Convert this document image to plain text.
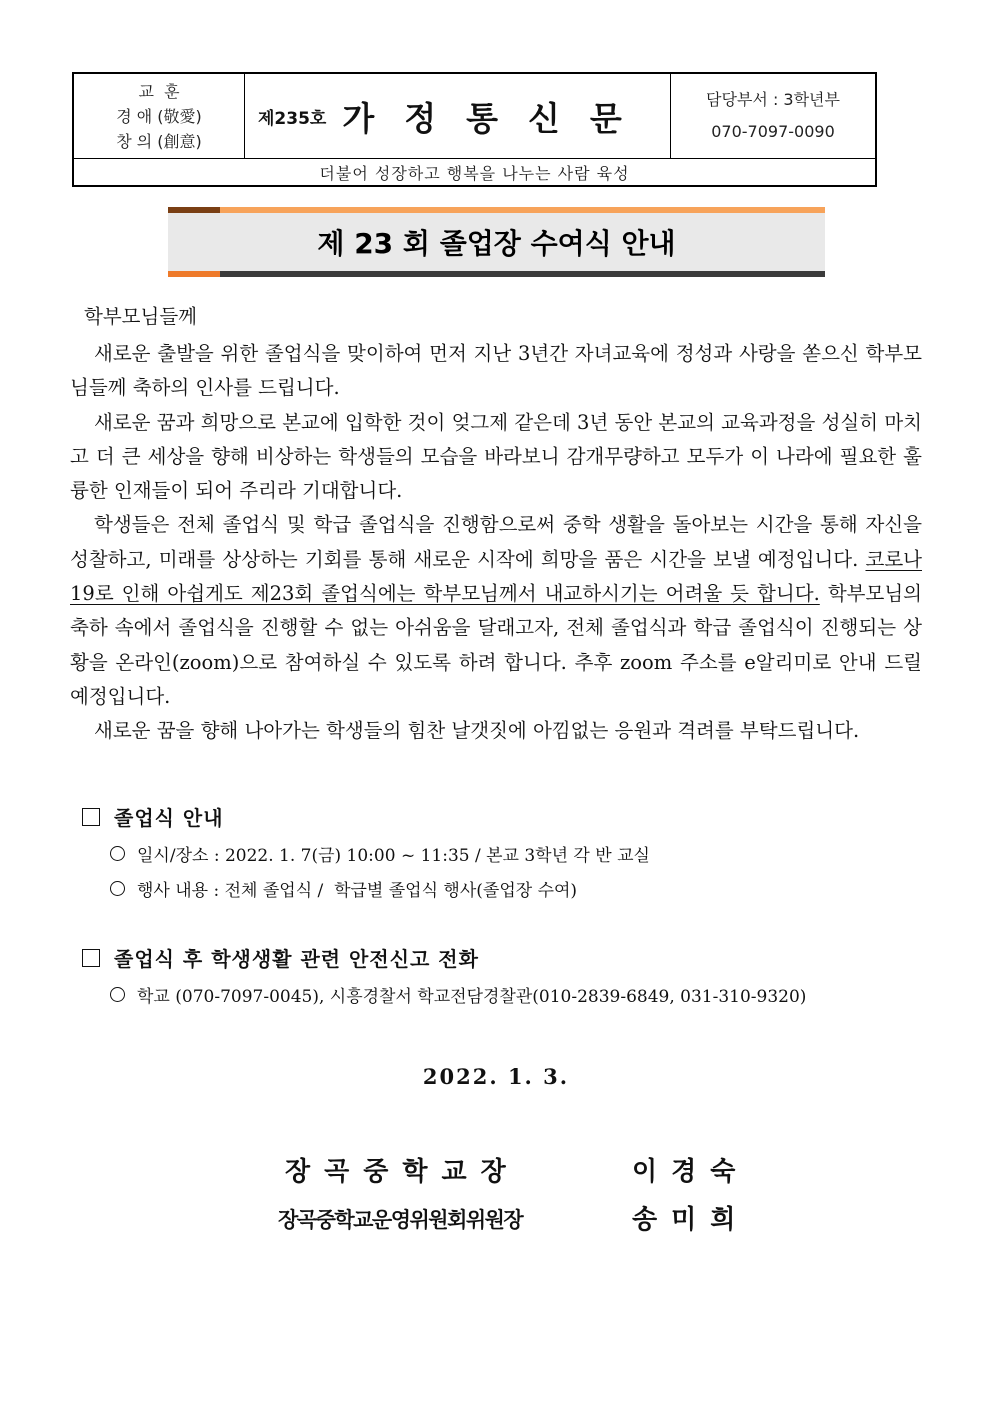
교  훈
경 애 (敬愛)
창 의 (創意)
제235호 가정통신문	담당부서 : 3학년부
070-7097-0090
더불어 성장하고 행복을 나누는 사람 육성
제 23 회 졸업장 수여식 안내
학부모님들께

새로운 출발을 위한 졸업식을 맞이하여 먼저 지난 3년간 자녀교육에 정성과 사랑을 쏟으신 학부모님들께 축하의 인사를 드립니다.

새로운 꿈과 희망으로 본교에 입학한 것이 엊그제 같은데 3년 동안 본교의 교육과정을 성실히 마치고 더 큰 세상을 향해 비상하는 학생들의 모습을 바라보니 감개무량하고 모두가 이 나라에 필요한 훌륭한 인재들이 되어 주리라 기대합니다.

학생들은 전체 졸업식 및 학급 졸업식을 진행함으로써 중학 생활을 돌아보는 시간을 통해 자신을 성찰하고, 미래를 상상하는 기회를 통해 새로운 시작에 희망을 품은 시간을 보낼 예정입니다. 코로나 19로 인해 아쉽게도 제23회 졸업식에는 학부모님께서 내교하시기는 어려울 듯 합니다. 학부모님의 축하 속에서 졸업식을 진행할 수 없는 아쉬움을 달래고자, 전체 졸업식과 학급 졸업식이 진행되는 상황을 온라인(zoom)으로 참여하실 수 있도록 하려 합니다. 추후 zoom 주소를 e알리미로 안내 드릴 예정입니다.

새로운 꿈을 향해 나아가는 학생들의 힘찬 날갯짓에 아낌없는 응원과 격려를 부탁드립니다.

졸업식 안내
일시/장소 : 2022. 1. 7(금) 10:00 ~ 11:35 / 본교 3학년 각 반 교실
행사 내용 : 전체 졸업식 /  학급별 졸업식 행사(졸업장 수여)
졸업식 후 학생생활 관련 안전신고 전화
학교 (070-7097-0045), 시흥경찰서 학교전담경찰관(010-2839-6849, 031-310-9320)
2022. 1. 3.
장곡중학교장	이경숙
장곡중학교운영위원회위원장	송미희
